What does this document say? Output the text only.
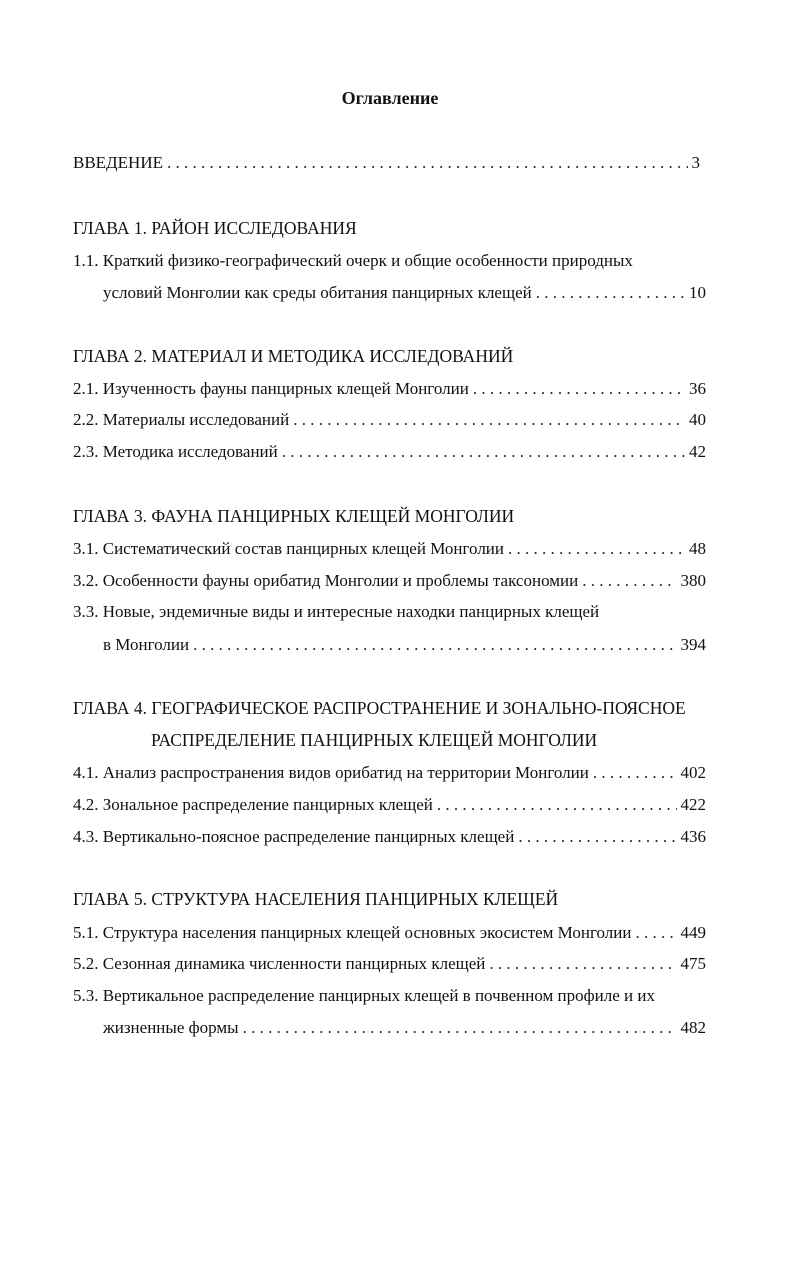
Оглавление
ВВЕДЕНИЕ . . .	3
ГЛАВА 1. РАЙОН ИССЛЕДОВАНИЯ
1.1. Краткий физико-географический очерк и общие особенности природных
условий Монголии как среды обитания панцирных клещей . . .	10
ГЛАВА 2. МАТЕРИАЛ И МЕТОДИКА ИССЛЕДОВАНИЙ
2.1. Изученность фауны панцирных клещей Монголии . . .	36
2.2. Материалы исследований . . .	40
2.3. Методика исследований . . .	42
ГЛАВА 3. ФАУНА ПАНЦИРНЫХ КЛЕЩЕЙ МОНГОЛИИ
3.1. Систематический состав панцирных клещей Монголии . . .	48
3.2. Особенности фауны орибатид Монголии и проблемы таксономии . . .	380
3.3. Новые, эндемичные виды и интересные находки панцирных клещей
в Монголии . . .	394
ГЛАВА 4. ГЕОГРАФИЧЕСКОЕ РАСПРОСТРАНЕНИЕ И ЗОНАЛЬНО-ПОЯСНОЕ
РАСПРЕДЕЛЕНИЕ ПАНЦИРНЫХ КЛЕЩЕЙ МОНГОЛИИ
4.1. Анализ распространения видов орибатид на территории Монголии . . .	402
4.2. Зональное распределение панцирных клещей . . .	422
4.3. Вертикально-поясное распределение панцирных клещей . . .	436
ГЛАВА 5. СТРУКТУРА НАСЕЛЕНИЯ ПАНЦИРНЫХ КЛЕЩЕЙ
5.1. Структура населения панцирных клещей основных экосистем Монголии . . .	449
5.2. Сезонная динамика численности панцирных клещей . . .	475
5.3. Вертикальное распределение панцирных клещей в почвенном профиле и их
жизненные формы . . .	482
